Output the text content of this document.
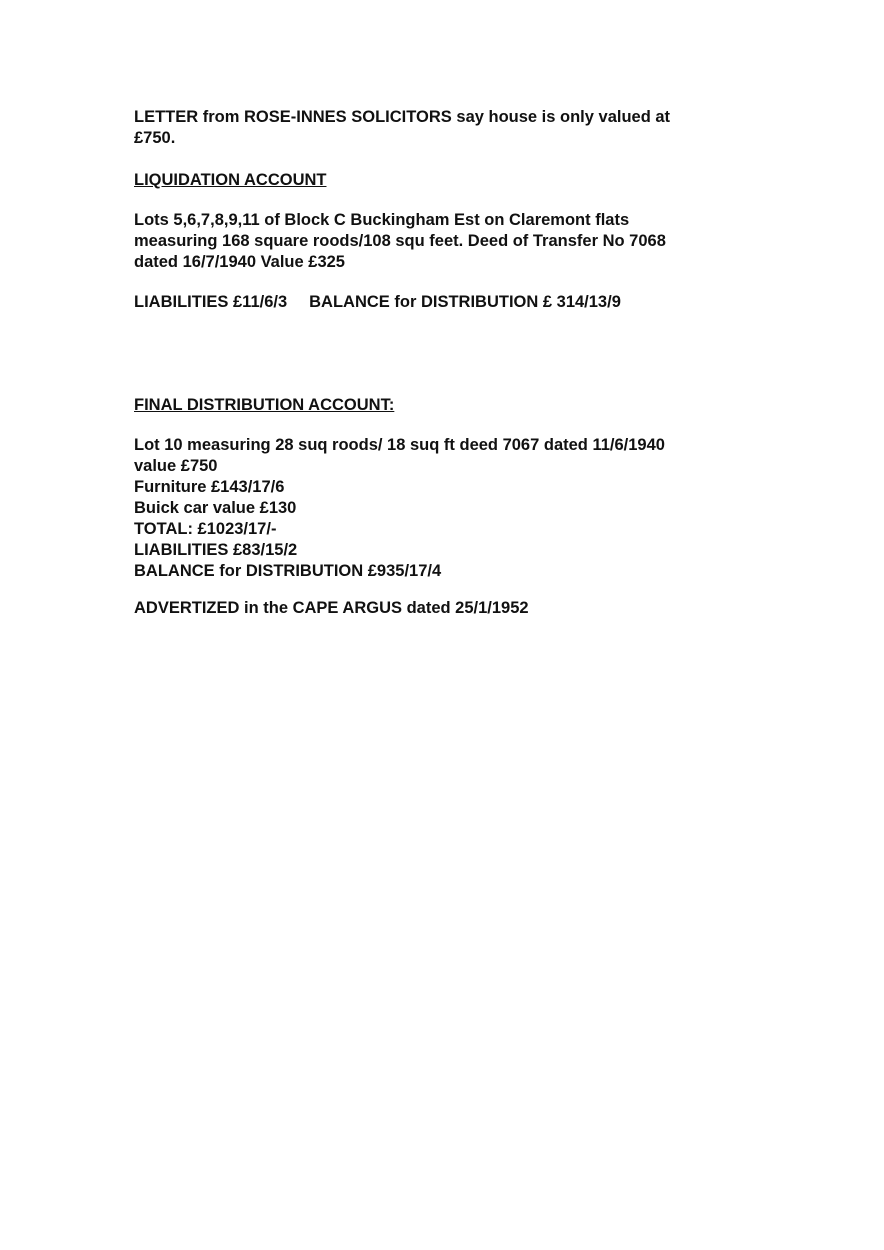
LETTER from ROSE-INNES SOLICITORS say house is only valued at
£750.
LIQUIDATION ACCOUNT
Lots 5,6,7,8,9,11 of Block C Buckingham Est on Claremont flats
measuring 168 square roods/108 squ feet. Deed of Transfer No 7068
dated 16/7/1940 Value £325
LIABILITIES £11/6/3 BALANCE for DISTRIBUTION £ 314/13/9
FINAL DISTRIBUTION ACCOUNT:
Lot 10 measuring 28 suq roods/ 18 suq ft deed 7067 dated 11/6/1940
value £750
Furniture £143/17/6
Buick car value £130
TOTAL: £1023/17/-
LIABILITIES £83/15/2
BALANCE for DISTRIBUTION £935/17/4
ADVERTIZED in the CAPE ARGUS dated 25/1/1952
